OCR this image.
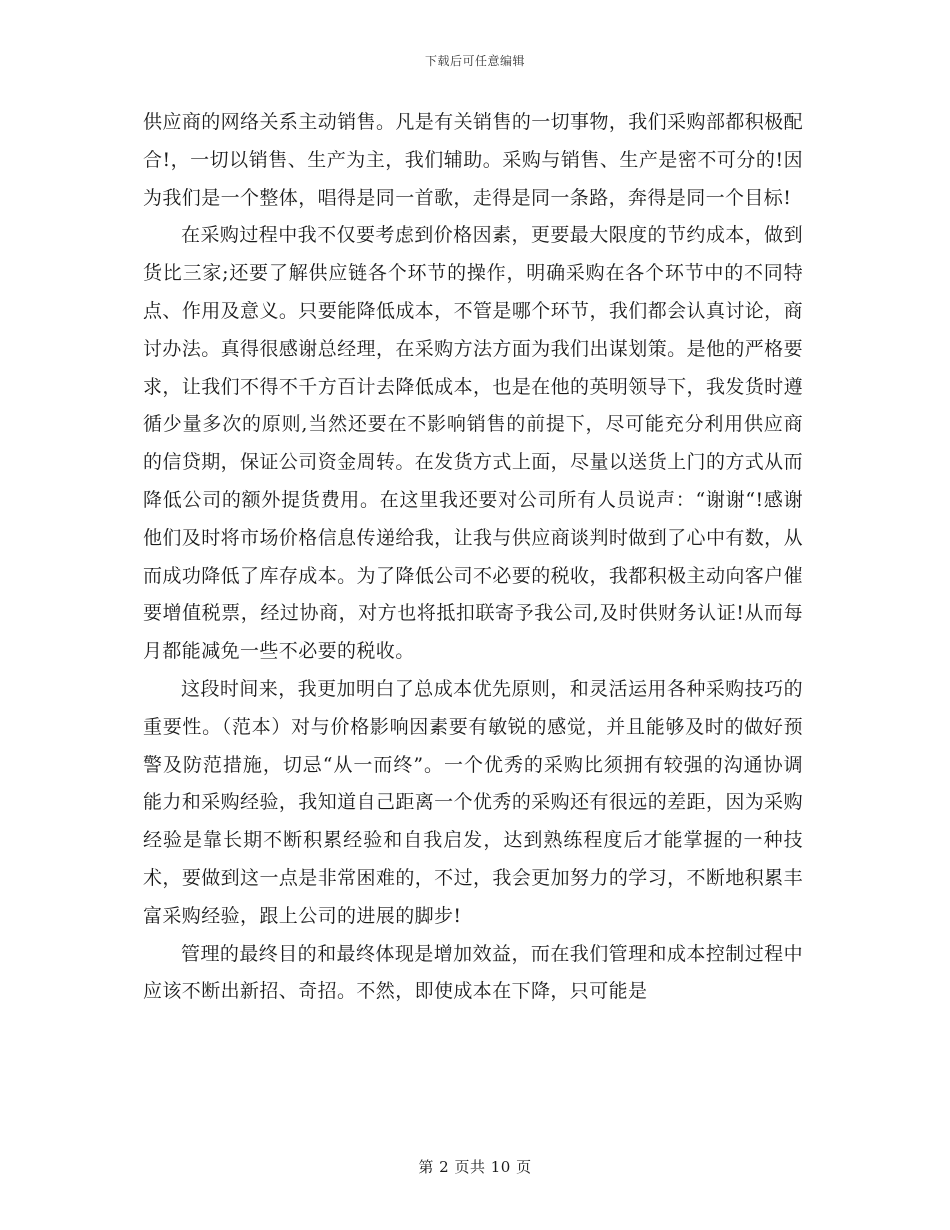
下载后可任意编辑

供应商的网络关系主动销售。凡是有关销售的一切事物，我们采购部都积极配合!，一切以销售、生产为主，我们辅助。采购与销售、生产是密不可分的!因为我们是一个整体，唱得是同一首歌，走得是同一条路，奔得是同一个目标!

在采购过程中我不仅要考虑到价格因素，更要最大限度的节约成本，做到货比三家;还要了解供应链各个环节的操作，明确采购在各个环节中的不同特点、作用及意义。只要能降低成本，不管是哪个环节，我们都会认真讨论，商讨办法。真得很感谢总经理，在采购方法方面为我们出谋划策。是他的严格要求，让我们不得不千方百计去降低成本，也是在他的英明领导下，我发货时遵循少量多次的原则,当然还要在不影响销售的前提下，尽可能充分利用供应商的信贷期，保证公司资金周转。在发货方式上面，尽量以送货上门的方式从而降低公司的额外提货费用。在这里我还要对公司所有人员说声：“谢谢“!感谢他们及时将市场价格信息传递给我，让我与供应商谈判时做到了心中有数，从而成功降低了库存成本。为了降低公司不必要的税收，我都积极主动向客户催要增值税票，经过协商，对方也将抵扣联寄予我公司,及时供财务认证!从而每月都能减免一些不必要的税收。

这段时间来，我更加明白了总成本优先原则，和灵活运用各种采购技巧的重要性。（范本）对与价格影响因素要有敏锐的感觉，并且能够及时的做好预警及防范措施，切忌“从一而终”。一个优秀的采购比须拥有较强的沟通协调能力和采购经验，我知道自己距离一个优秀的采购还有很远的差距，因为采购经验是靠长期不断积累经验和自我启发，达到熟练程度后才能掌握的一种技术，要做到这一点是非常困难的，不过，我会更加努力的学习，不断地积累丰富采购经验，跟上公司的进展的脚步!

管理的最终目的和最终体现是增加效益，而在我们管理和成本控制过程中应该不断出新招、奇招。不然，即使成本在下降，只可能是

第 2 页共 10 页
